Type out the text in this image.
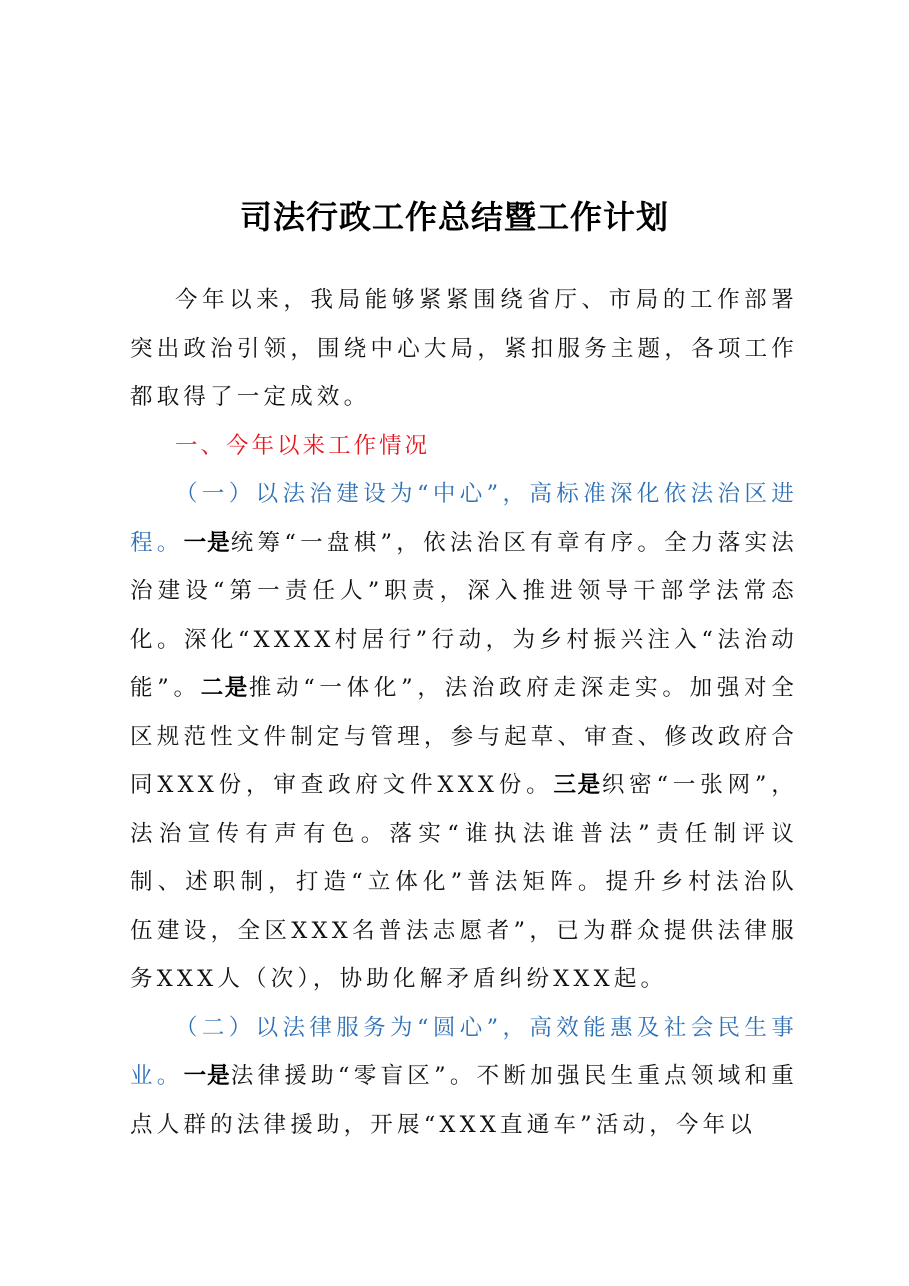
司法行政工作总结暨工作计划

今年以来，我局能够紧紧围绕省厅、市局的工作部署突出政治引领，围绕中心大局，紧扣服务主题，各项工作都取得了一定成效。

一、今年以来工作情况

（一）以法治建设为“中心”，高标准深化依法治区进程。一是统筹“一盘棋”，依法治区有章有序。全力落实法治建设“第一责任人”职责，深入推进领导干部学法常态化。深化“XXXX村居行”行动，为乡村振兴注入“法治动能”。二是推动“一体化”，法治政府走深走实。加强对全区规范性文件制定与管理，参与起草、审查、修改政府合同XXX份，审查政府文件XXX份。三是织密“一张网”，法治宣传有声有色。落实“谁执法谁普法”责任制评议制、述职制，打造“立体化”普法矩阵。提升乡村法治队伍建设，全区XXX名普法志愿者”，已为群众提供法律服务XXX人（次），协助化解矛盾纠纷XXX起。

（二）以法律服务为“圆心”，高效能惠及社会民生事业。一是法律援助“零盲区”。不断加强民生重点领域和重点人群的法律援助，开展“XXX直通车”活动，今年以
